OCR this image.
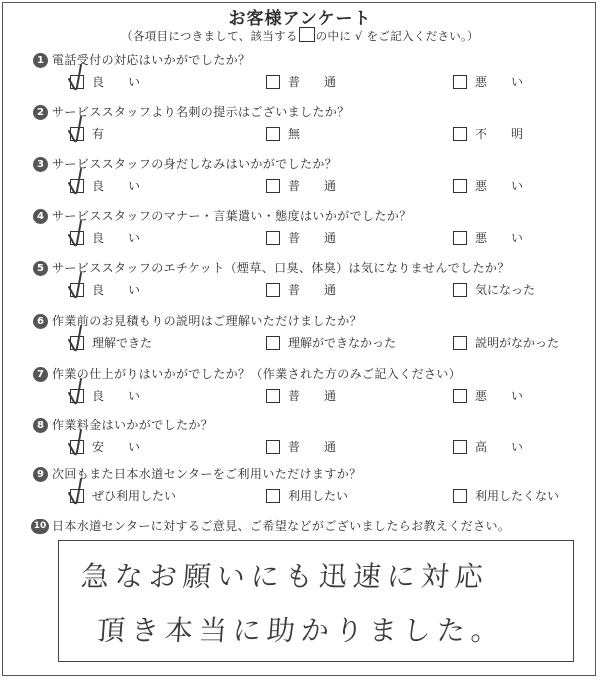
お客様アンケート
（各項目につきまして、該当する の中に √ をご記入ください。）
1 電話受付の対応はいかがでしたか？
良　　い	普　　通	悪　　い
2 サービススタッフより名刺の提示はございましたか？
有	無	不　　明
3 サービススタッフの身だしなみはいかがでしたか？
良　　い	普　　通	悪　　い
4 サービススタッフのマナー・言葉遣い・態度はいかがでしたか？
良　　い	普　　通	悪　　い
5 サービススタッフのエチケット（煙草、口臭、体臭）は気になりませんでしたか？
良　　い	普　　通	気になった
6 作業前のお見積もりの説明はご理解いただけましたか？
理解できた	理解ができなかった	説明がなかった
7 作業の仕上がりはいかがでしたか？（作業された方のみご記入ください）
良　　い	普　　通	悪　　い
8 作業料金はいかがでしたか？
安　　い	普　　通	高　　い
9 次回もまた日本水道センターをご利用いただけますか？
ぜひ利用したい	利用したい	利用したくない
10 日本水道センターに対するご意見、ご希望などがございましたらお教えください。
急なお願いにも迅速に対応
頂き本当に助かりました。
